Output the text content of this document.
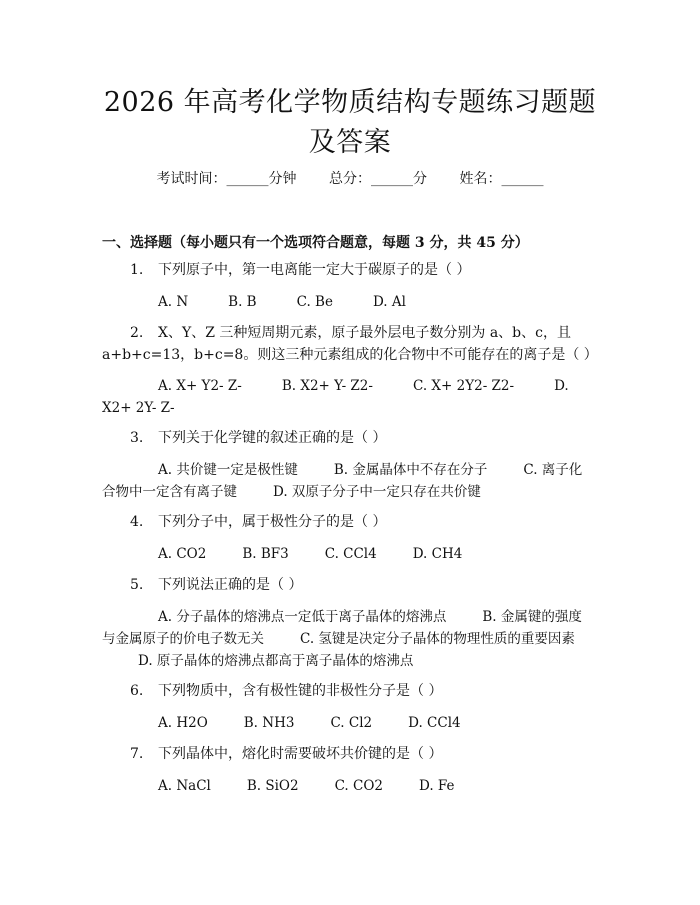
2026 年高考化学物质结构专题练习题题及答案
考试时间：______分钟 总分：______分 姓名：______
一、选择题（每小题只有一个选项符合题意，每题 3 分，共 45 分）
1. 下列原子中，第一电离能一定大于碳原子的是（ ）
A. N	B. B	C. Be	D. Al
2. X、Y、Z 三种短周期元素，原子最外层电子数分别为 a、b、c，且 a+b+c=13，b+c=8。则这三种元素组成的化合物中不可能存在的离子是（ ）
A. X+ Y2- Z-	B. X2+ Y- Z2-	C. X+ 2Y2- Z2-	D. X2+ 2Y- Z-
3. 下列关于化学键的叙述正确的是（ ）
A. 共价键一定是极性键	B. 金属晶体中不存在分子	C. 离子化合物中一定含有离子键	D. 双原子分子中一定只存在共价键
4. 下列分子中，属于极性分子的是（ ）
A. CO2	B. BF3	C. CCl4	D. CH4
5. 下列说法正确的是（ ）
A. 分子晶体的熔沸点一定低于离子晶体的熔沸点	B. 金属键的强度与金属原子的价电子数无关	C. 氢键是决定分子晶体的物理性质的重要因素D. 原子晶体的熔沸点都高于离子晶体的熔沸点
6. 下列物质中，含有极性键的非极性分子是（ ）
A. H2O	B. NH3	C. Cl2	D. CCl4
7. 下列晶体中，熔化时需要破坏共价键的是（ ）
A. NaCl	B. SiO2	C. CO2	D. Fe
